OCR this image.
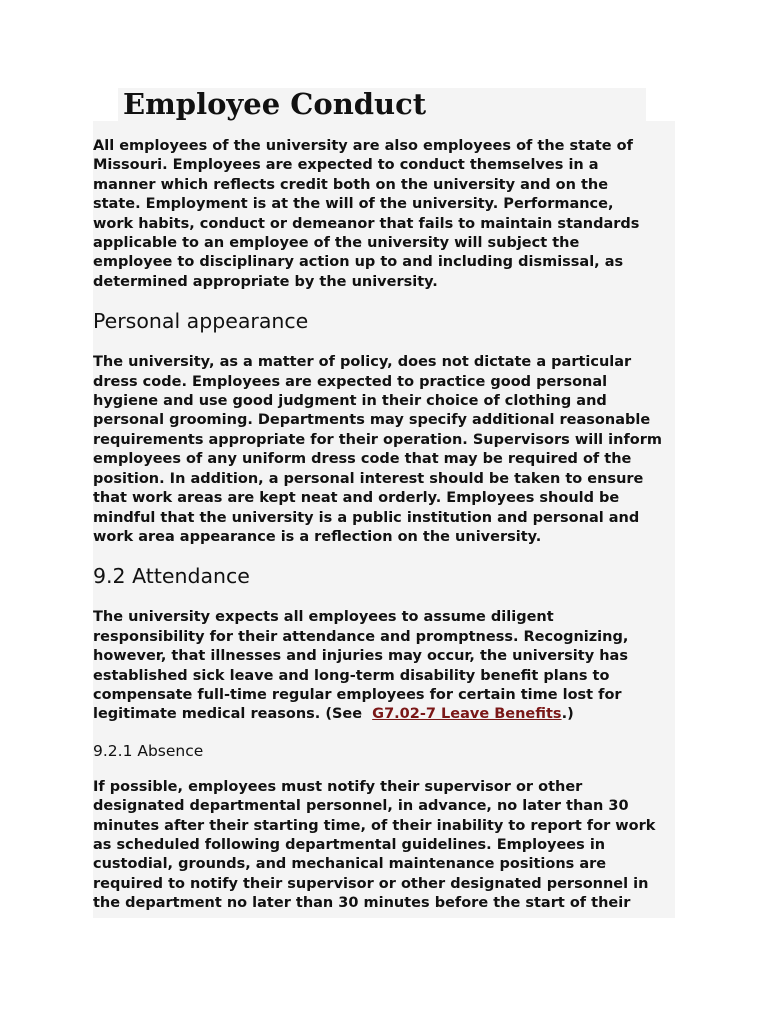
Employee Conduct
All employees of the university are also employees of the state of
Missouri. Employees are expected to conduct themselves in a
manner which reflects credit both on the university and on the
state. Employment is at the will of the university. Performance,
work habits, conduct or demeanor that fails to maintain standards
applicable to an employee of the university will subject the
employee to disciplinary action up to and including dismissal, as
determined appropriate by the university.
Personal appearance
The university, as a matter of policy, does not dictate a particular
dress code. Employees are expected to practice good personal
hygiene and use good judgment in their choice of clothing and
personal grooming. Departments may specify additional reasonable
requirements appropriate for their operation. Supervisors will inform
employees of any uniform dress code that may be required of the
position. In addition, a personal interest should be taken to ensure
that work areas are kept neat and orderly. Employees should be
mindful that the university is a public institution and personal and
work area appearance is a reflection on the university.
9.2 Attendance
The university expects all employees to assume diligent
responsibility for their attendance and promptness. Recognizing,
however, that illnesses and injuries may occur, the university has
established sick leave and long-term disability benefit plans to
compensate full-time regular employees for certain time lost for
legitimate medical reasons. (See  G7.02-7 Leave Benefits.)
9.2.1 Absence
If possible, employees must notify their supervisor or other
designated departmental personnel, in advance, no later than 30
minutes after their starting time, of their inability to report for work
as scheduled following departmental guidelines. Employees in
custodial, grounds, and mechanical maintenance positions are
required to notify their supervisor or other designated personnel in
the department no later than 30 minutes before the start of their
